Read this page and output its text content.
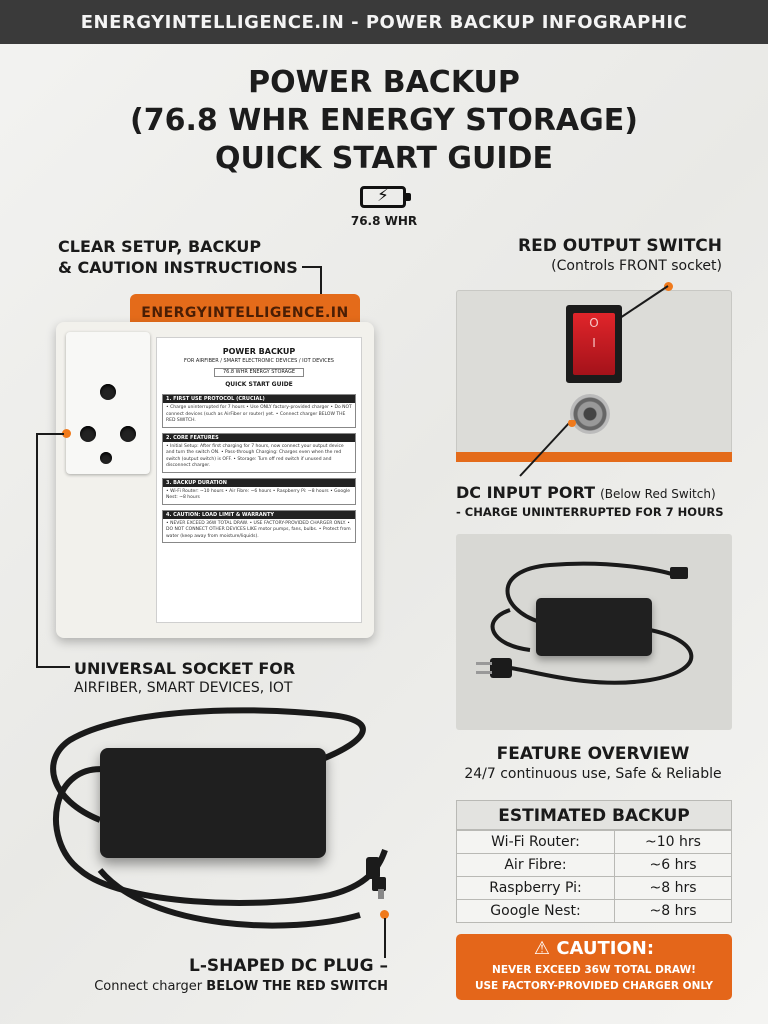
ENERGYINTELLIGENCE.IN - POWER BACKUP INFOGRAPHIC
POWER BACKUP
(76.8 WHR ENERGY STORAGE)
QUICK START GUIDE
⚡
76.8 WHR
CLEAR SETUP, BACKUP
& CAUTION INSTRUCTIONS
ENERGYINTELLIGENCE.IN
POWER BACKUP
FOR AIRFIBER / SMART ELECTRONIC DEVICES / IOT DEVICES
76.8 WHR ENERGY STORAGE
QUICK START GUIDE
1. FIRST USE PROTOCOL (CRUCIAL)
• Charge uninterrupted for 7 hours • Use ONLY factory-provided charger • Do NOT connect devices (such as AirFiber or router) yet. • Connect charger BELOW THE RED SWITCH.
2. CORE FEATURES
• Initial Setup: After first charging for 7 hours, now connect your output device and turn the switch ON. • Pass-through Charging: Charges even when the red switch (output switch) is OFF. • Storage: Turn off red switch if unused and disconnect charger.
3. BACKUP DURATION
• Wi-Fi Router: ~10 hours • Air Fibre: ~6 hours • Raspberry Pi: ~8 hours • Google Nest: ~8 hours
4. CAUTION: LOAD LIMIT & WARRANTY
• NEVER EXCEED 36W TOTAL DRAW. • USE FACTORY-PROVIDED CHARGER ONLY. • DO NOT CONNECT OTHER DEVICES LIKE motor pumps, fans, bulbs. • Protect from water (keep away from moisture/liquids).
UNIVERSAL SOCKET FOR
AIRFIBER, SMART DEVICES, IOT
L-SHAPED DC PLUG –
Connect charger BELOW THE RED SWITCH
RED OUTPUT SWITCH
(Controls FRONT socket)
O
I
DC INPUT PORT (Below Red Switch)
- CHARGE UNINTERRUPTED FOR 7 HOURS
FEATURE OVERVIEW
24/7 continuous use, Safe & Reliable
ESTIMATED BACKUP
Wi-Fi Router:	~10 hrs
Air Fibre:	~6 hrs
Raspberry Pi:	~8 hrs
Google Nest:	~8 hrs
⚠ CAUTION:
NEVER EXCEED 36W TOTAL DRAW!
USE FACTORY-PROVIDED CHARGER ONLY
